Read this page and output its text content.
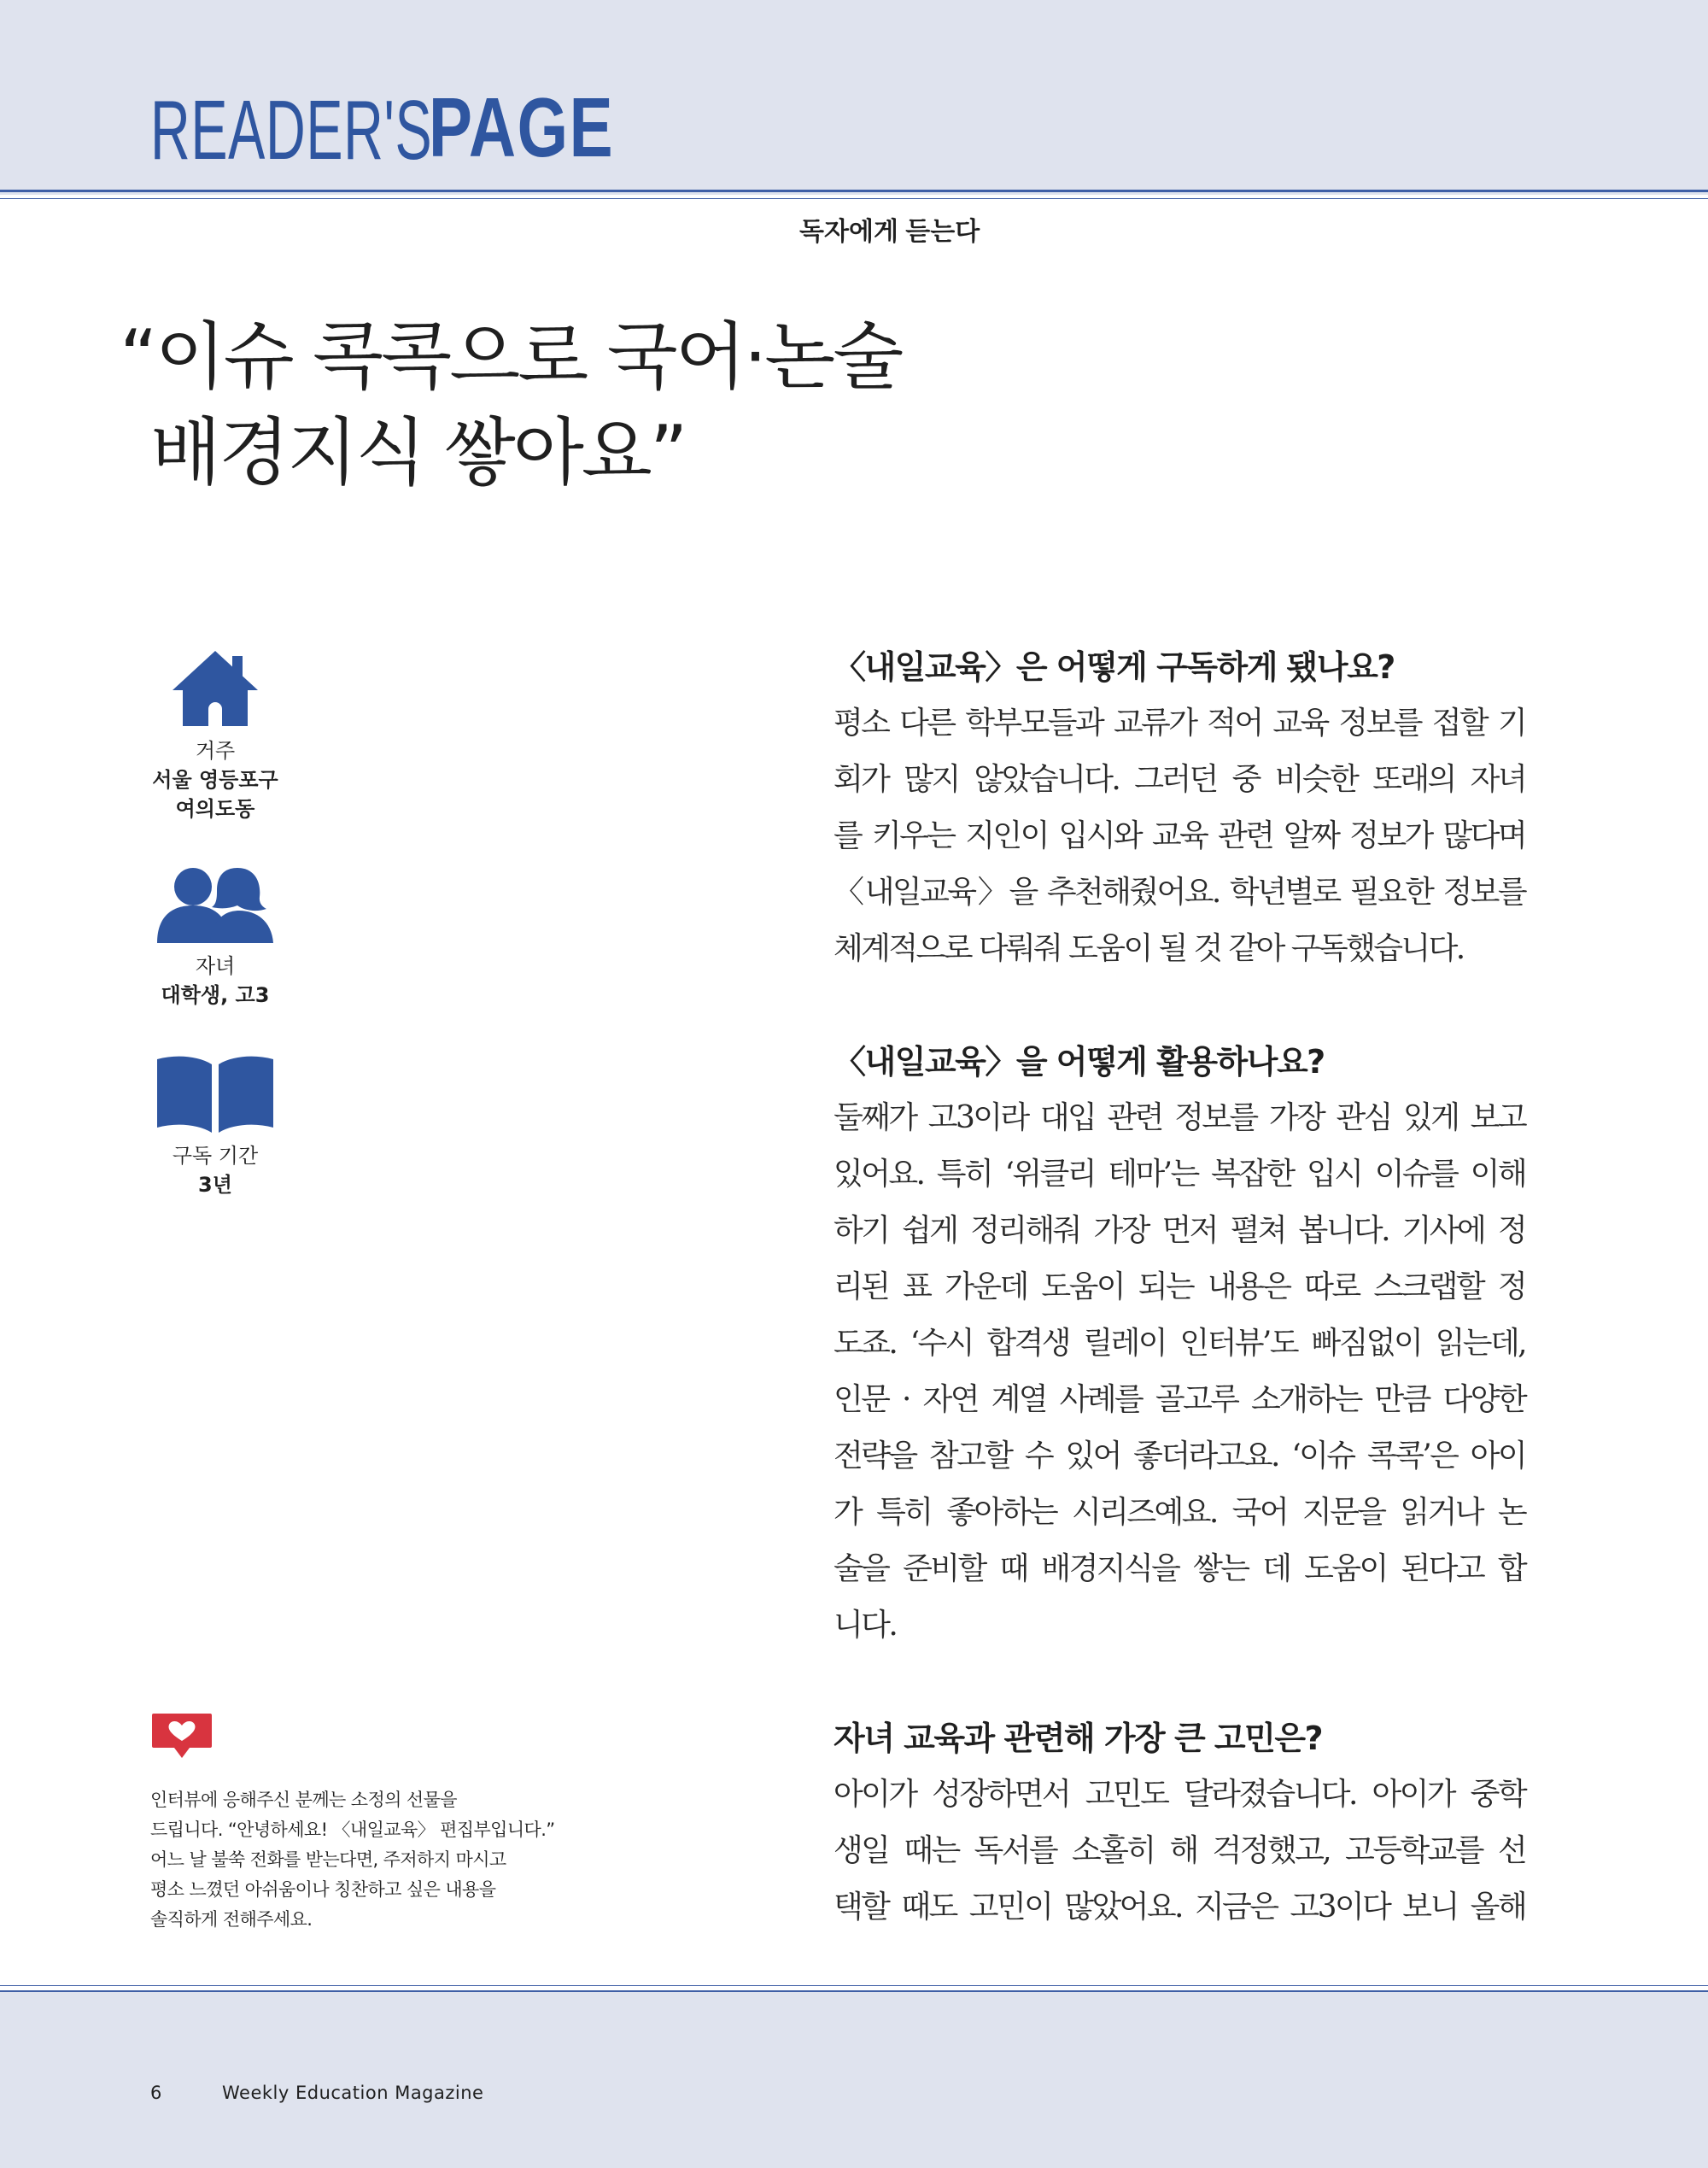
READER'S
PAGE
독자에게 듣는다
“이슈 콕콕으로 국어·논술
배경지식 쌓아요”
거주
서울 영등포구
여의도동
자녀
대학생, 고3
구독 기간
3년

인터뷰에 응해주신 분께는 소정의 선물을

드립니다. “안녕하세요! 〈내일교육〉 편집부입니다.”

어느 날 불쑥 전화를 받는다면, 주저하지 마시고

평소 느꼈던 아쉬움이나 칭찬하고 싶은 내용을

솔직하게 전해주세요.

〈내일교육〉은 어떻게 구독하게 됐나요?
평소 다른 학부모들과 교류가 적어 교육 정보를 접할 기
회가 많지 않았습니다. 그러던 중 비슷한 또래의 자녀
를 키우는 지인이 입시와 교육 관련 알짜 정보가 많다며
〈내일교육〉을 추천해줬어요. 학년별로 필요한 정보를
체계적으로 다뤄줘 도움이 될 것 같아 구독했습니다.
〈내일교육〉을 어떻게 활용하나요?
둘째가 고3이라 대입 관련 정보를 가장 관심 있게 보고
있어요. 특히 ‘위클리 테마’는 복잡한 입시 이슈를 이해
하기 쉽게 정리해줘 가장 먼저 펼쳐 봅니다. 기사에 정
리된 표 가운데 도움이 되는 내용은 따로 스크랩할 정
도죠. ‘수시 합격생 릴레이 인터뷰’도 빠짐없이 읽는데,
인문 · 자연 계열 사례를 골고루 소개하는 만큼 다양한
전략을 참고할 수 있어 좋더라고요. ‘이슈 콕콕’은 아이
가 특히 좋아하는 시리즈예요. 국어 지문을 읽거나 논
술을 준비할 때 배경지식을 쌓는 데 도움이 된다고 합
니다.
자녀 교육과 관련해 가장 큰 고민은?
아이가 성장하면서 고민도 달라졌습니다. 아이가 중학
생일 때는 독서를 소홀히 해 걱정했고, 고등학교를 선
택할 때도 고민이 많았어요. 지금은 고3이다 보니 올해
6	Weekly Education Magazine
